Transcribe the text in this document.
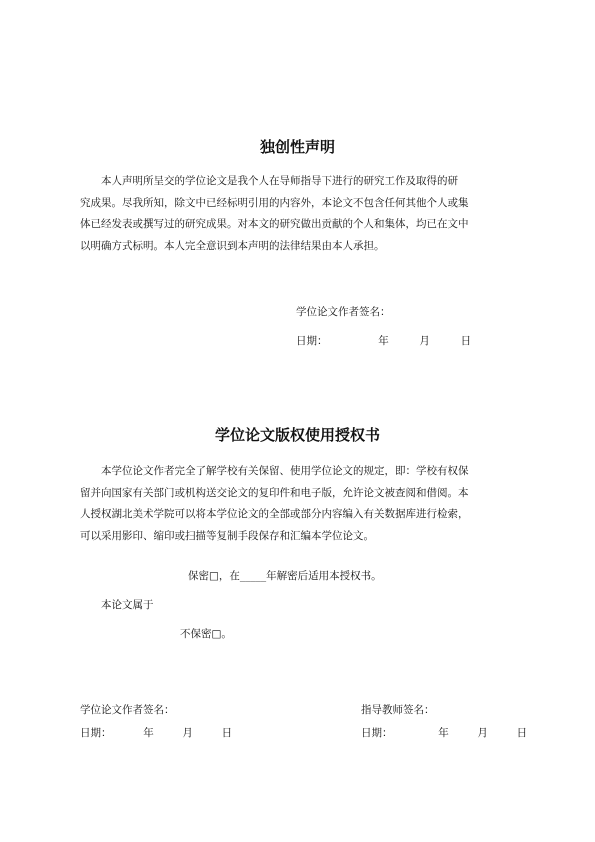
独创性声明
本人声明所呈交的学位论文是我个人在导师指导下进行的研究工作及取得的研
究成果。尽我所知，除文中已经标明引用的内容外，本论文不包含任何其他个人或集
体已经发表或撰写过的研究成果。对本文的研究做出贡献的个人和集体，均已在文中
以明确方式标明。本人完全意识到本声明的法律结果由本人承担。
学位论文作者签名：
日期：	年	月	日
学位论文版权使用授权书
本学位论文作者完全了解学校有关保留、使用学位论文的规定，即：学校有权保
留并向国家有关部门或机构送交论文的复印件和电子版，允许论文被查阅和借阅。本
人授权湖北美术学院可以将本学位论文的全部或部分内容编入有关数据库进行检索，
可以采用影印、缩印或扫描等复制手段保存和汇编本学位论文。
保密□，在_____年解密后适用本授权书。
本论文属于
不保密□。
学位论文作者签名：	指导教师签名：
日期：	年	月	日	日期：	年	月	日
